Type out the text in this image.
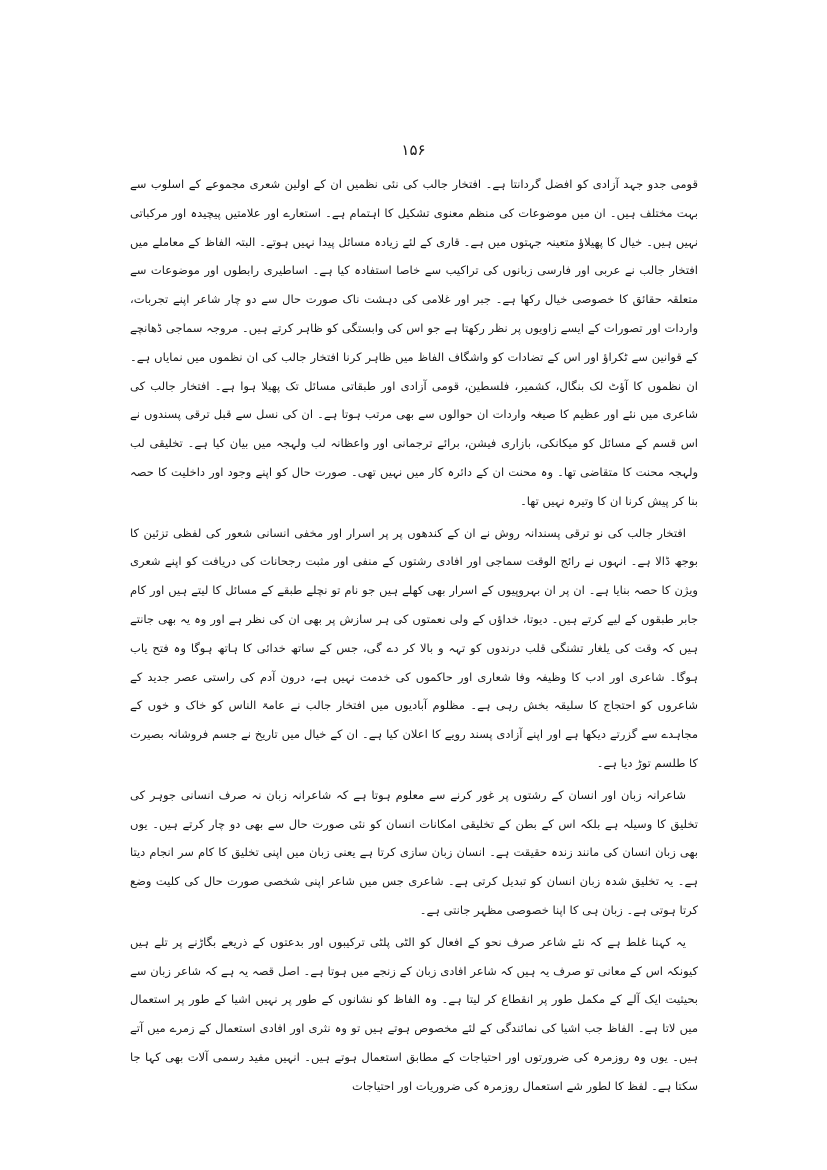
۱۵۶

قومی جدو جہد آزادی کو افضل گردانتا ہے۔ افتخار جالب کی نئی نظمیں ان کے اولین شعری مجموعے کے اسلوب سے بہت مختلف ہیں۔ ان میں موضوعات کی منظم معنوی تشکیل کا اہتمام ہے۔ استعارے اور علامتیں پیچیدہ اور مرکباتی نہیں ہیں۔ خیال کا پھیلاؤ متعینہ جہتوں میں ہے۔ قاری کے لئے زیادہ مسائل پیدا نہیں ہوتے۔ البتہ الفاظ کے معاملے میں افتخار جالب نے عربی اور فارسی زبانوں کی تراکیب سے خاصا استفادہ کیا ہے۔ اساطیری رابطوں اور موضوعات سے متعلقہ حقائق کا خصوصی خیال رکھا ہے۔ جبر اور غلامی کی دہشت ناک صورت حال سے دو چار شاعر اپنے تجربات، واردات اور تصورات کے ایسے زاویوں پر نظر رکھتا ہے جو اس کی وابستگی کو ظاہر کرتے ہیں۔ مروجہ سماجی ڈھانچے کے قوانین سے ٹکراؤ اور اس کے تضادات کو واشگاف الفاظ میں ظاہر کرنا افتخار جالب کی ان نظموں میں نمایاں ہے۔ ان نظموں کا آؤٹ لک بنگال، کشمیر، فلسطین، قومی آزادی اور طبقاتی مسائل تک پھیلا ہوا ہے۔ افتخار جالب کی شاعری میں نئے اور عظیم کا صیغہ واردات ان حوالوں سے بھی مرتب ہوتا ہے۔ ان کی نسل سے قبل ترقی پسندوں نے اس قسم کے مسائل کو میکانکی، بازاری فیشن، برائے ترجمانی اور واعظانہ لب ولہجہ میں بیان کیا ہے۔ تخلیقی لب ولہجہ محنت کا متقاضی تھا۔ وہ محنت ان کے دائرہ کار میں نہیں تھی۔ صورت حال کو اپنے وجود اور داخلیت کا حصہ بنا کر پیش کرنا ان کا وتیرہ نہیں تھا۔

افتخار جالب کی نو ترقی پسندانہ روش نے ان کے کندھوں پر پر اسرار اور مخفی انسانی شعور کی لفظی تزئین کا بوجھ ڈالا ہے۔ انہوں نے رائج الوقت سماجی اور افادی رشتوں کے منفی اور مثبت رجحانات کی دریافت کو اپنے شعری ویژن کا حصہ بنایا ہے۔ ان پر ان بہروپیوں کے اسرار بھی کھلے ہیں جو نام تو نچلے طبقے کے مسائل کا لیتے ہیں اور کام جابر طبقوں کے لیے کرتے ہیں۔ دیوتا، خداؤں کے ولی نعمتوں کی ہر سازش پر بھی ان کی نظر ہے اور وہ یہ بھی جانتے ہیں کہ وقت کی یلغار تشنگی قلب درندوں کو تہہ و بالا کر دے گی، جس کے ساتھ خدائی کا ہاتھ ہوگا وہ فتح یاب ہوگا۔ شاعری اور ادب کا وظیفہ وفا شعاری اور حاکموں کی خدمت نہیں ہے، درون آدم کی راستی عصر جدید کے شاعروں کو احتجاج کا سلیقہ بخش رہی ہے۔ مظلوم آبادیوں میں افتخار جالب نے عامۃ الناس کو خاک و خوں کے مجاہدے سے گزرتے دیکھا ہے اور اپنے آزادی پسند رویے کا اعلان کیا ہے۔ ان کے خیال میں تاریخ نے جسم فروشانہ بصیرت کا طلسم توڑ دیا ہے۔

شاعرانہ زبان اور انسان کے رشتوں پر غور کرنے سے معلوم ہوتا ہے کہ شاعرانہ زبان نہ صرف انسانی جوہر کی تخلیق کا وسیلہ ہے بلکہ اس کے بطن کے تخلیقی امکانات انسان کو نئی صورت حال سے بھی دو چار کرتے ہیں۔ یوں بھی زبان انسان کی مانند زندہ حقیقت ہے۔ انسان زبان سازی کرتا ہے یعنی زبان میں اپنی تخلیق کا کام سر انجام دیتا ہے۔ یہ تخلیق شدہ زبان انسان کو تبدیل کرتی ہے۔ شاعری جس میں شاعر اپنی شخصی صورت حال کی کلیت وضع کرتا ہوتی ہے۔ زبان ہی کا اپنا خصوصی مظہر جانتی ہے۔

یہ کہنا غلط ہے کہ نئے شاعر صرف نحو کے افعال کو الٹی پلٹی ترکیبوں اور بدعتوں کے ذریعے بگاڑنے پر تلے ہیں کیونکہ اس کے معانی تو صرف یہ ہیں کہ شاعر افادی زبان کے زنجے میں ہوتا ہے۔ اصل قصہ یہ ہے کہ شاعر زبان سے بحیثیت ایک آلے کے مکمل طور پر انقطاع کر لیتا ہے۔ وہ الفاظ کو نشانوں کے طور پر نہیں اشیا کے طور پر استعمال میں لاتا ہے۔ الفاظ جب اشیا کی نمائندگی کے لئے مخصوص ہوتے ہیں تو وہ نثری اور افادی استعمال کے زمرے میں آتے ہیں۔ یوں وہ روزمرہ کی ضرورتوں اور احتیاجات کے مطابق استعمال ہوتے ہیں۔ انہیں مفید رسمی آلات بھی کہا جا سکتا ہے۔ لفظ کا لطور شے استعمال روزمرہ کی ضروریات اور احتیاجات
